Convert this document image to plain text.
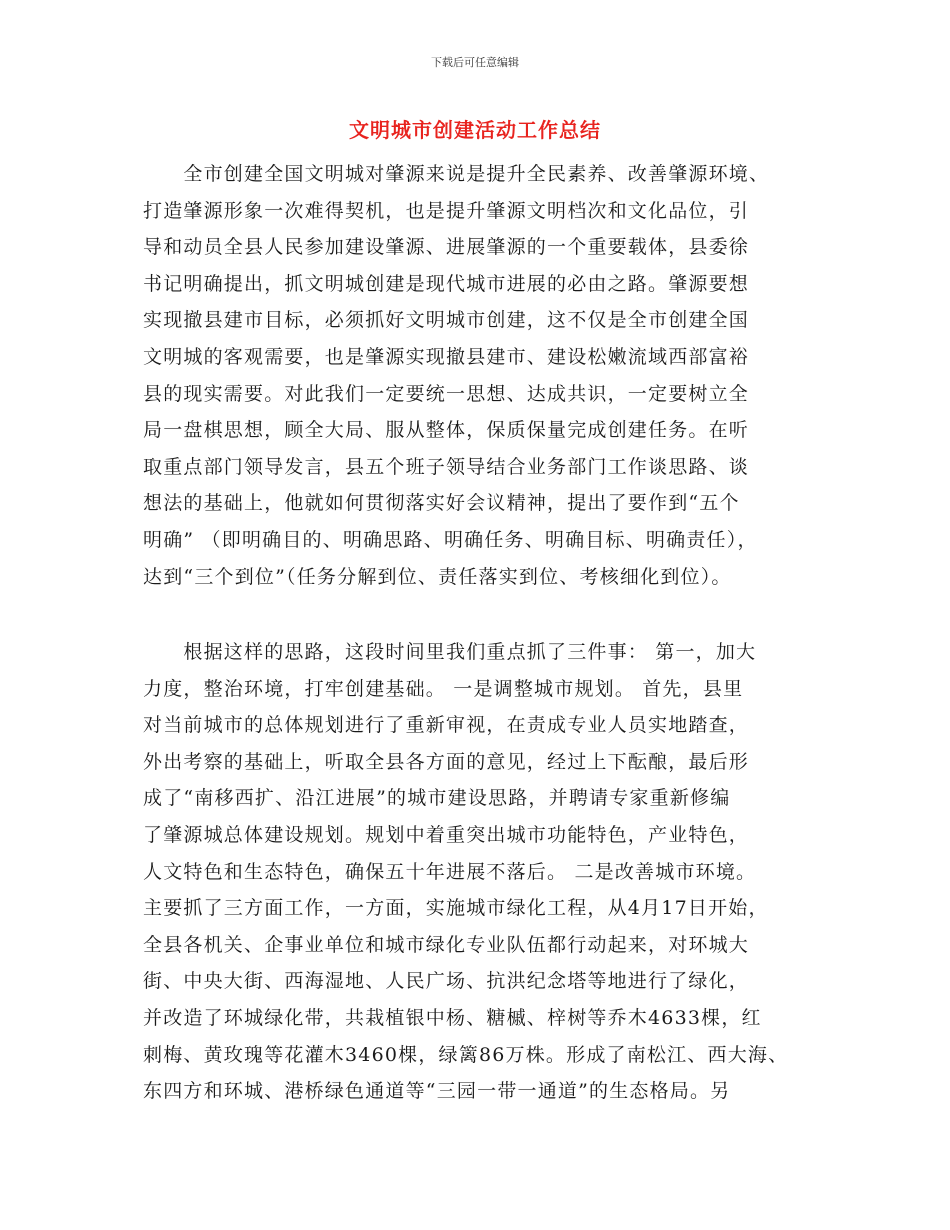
下载后可任意编辑
文明城市创建活动工作总结
　　全市创建全国文明城对肇源来说是提升全民素养、改善肇源环境、
打造肇源形象一次难得契机，也是提升肇源文明档次和文化品位，引
导和动员全县人民参加建设肇源、进展肇源的一个重要载体，县委徐
书记明确提出，抓文明城创建是现代城市进展的必由之路。肇源要想
实现撤县建市目标，必须抓好文明城市创建，这不仅是全市创建全国
文明城的客观需要，也是肇源实现撤县建市、建设松嫩流域西部富裕
县的现实需要。对此我们一定要统一思想、达成共识，一定要树立全
局一盘棋思想，顾全大局、服从整体，保质保量完成创建任务。在听
取重点部门领导发言，县五个班子领导结合业务部门工作谈思路、谈
想法的基础上，他就如何贯彻落实好会议精神，提出了要作到“五个
明确” （即明确目的、明确思路、明确任务、明确目标、明确责任），
达到“三个到位”（任务分解到位、责任落实到位、考核细化到位）。
　　根据这样的思路，这段时间里我们重点抓了三件事： 第一，加大
力度，整治环境，打牢创建基础。 一是调整城市规划。 首先，县里
对当前城市的总体规划进行了重新审视，在责成专业人员实地踏查，
外出考察的基础上，听取全县各方面的意见，经过上下酝酿，最后形
成了“南移西扩、沿江进展”的城市建设思路，并聘请专家重新修编
了肇源城总体建设规划。规划中着重突出城市功能特色，产业特色，
人文特色和生态特色，确保五十年进展不落后。 二是改善城市环境。
主要抓了三方面工作，一方面，实施城市绿化工程，从4月17日开始，
全县各机关、企事业单位和城市绿化专业队伍都行动起来，对环城大
街、中央大街、西海湿地、人民广场、抗洪纪念塔等地进行了绿化，
并改造了环城绿化带，共栽植银中杨、糖槭、梓树等乔木4633棵，红
刺梅、黄玫瑰等花灌木3460棵，绿篱86万株。形成了南松江、西大海、
东四方和环城、港桥绿色通道等“三园一带一通道”的生态格局。另
